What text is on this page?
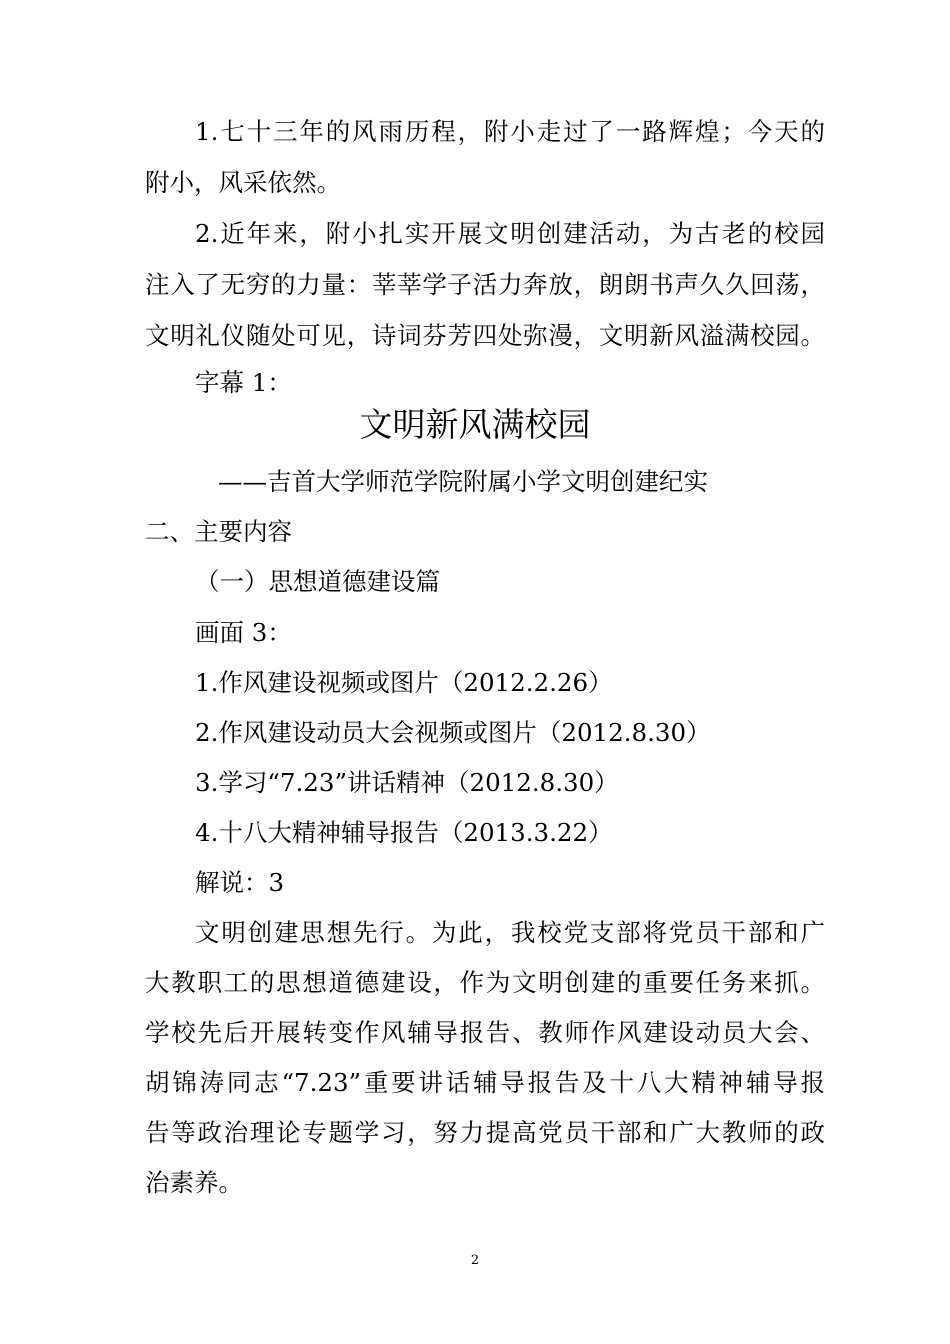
1.七十三年的风雨历程，附小走过了一路辉煌；今天的
附小，风采依然。
2.近年来，附小扎实开展文明创建活动，为古老的校园
注入了无穷的力量：莘莘学子活力奔放，朗朗书声久久回荡，
文明礼仪随处可见，诗词芬芳四处弥漫，文明新风溢满校园。
字幕 1：
文明新风满校园
——吉首大学师范学院附属小学文明创建纪实
二、主要内容
（一）思想道德建设篇
画面 3：
1.作风建设视频或图片（2012.2.26）
2.作风建设动员大会视频或图片（2012.8.30）
3.学习“7.23”讲话精神（2012.8.30）
4.十八大精神辅导报告（2013.3.22）
解说：3
文明创建思想先行。为此，我校党支部将党员干部和广
大教职工的思想道德建设，作为文明创建的重要任务来抓。
学校先后开展转变作风辅导报告、教师作风建设动员大会、
胡锦涛同志“7.23”重要讲话辅导报告及十八大精神辅导报
告等政治理论专题学习，努力提高党员干部和广大教师的政
治素养。
2
